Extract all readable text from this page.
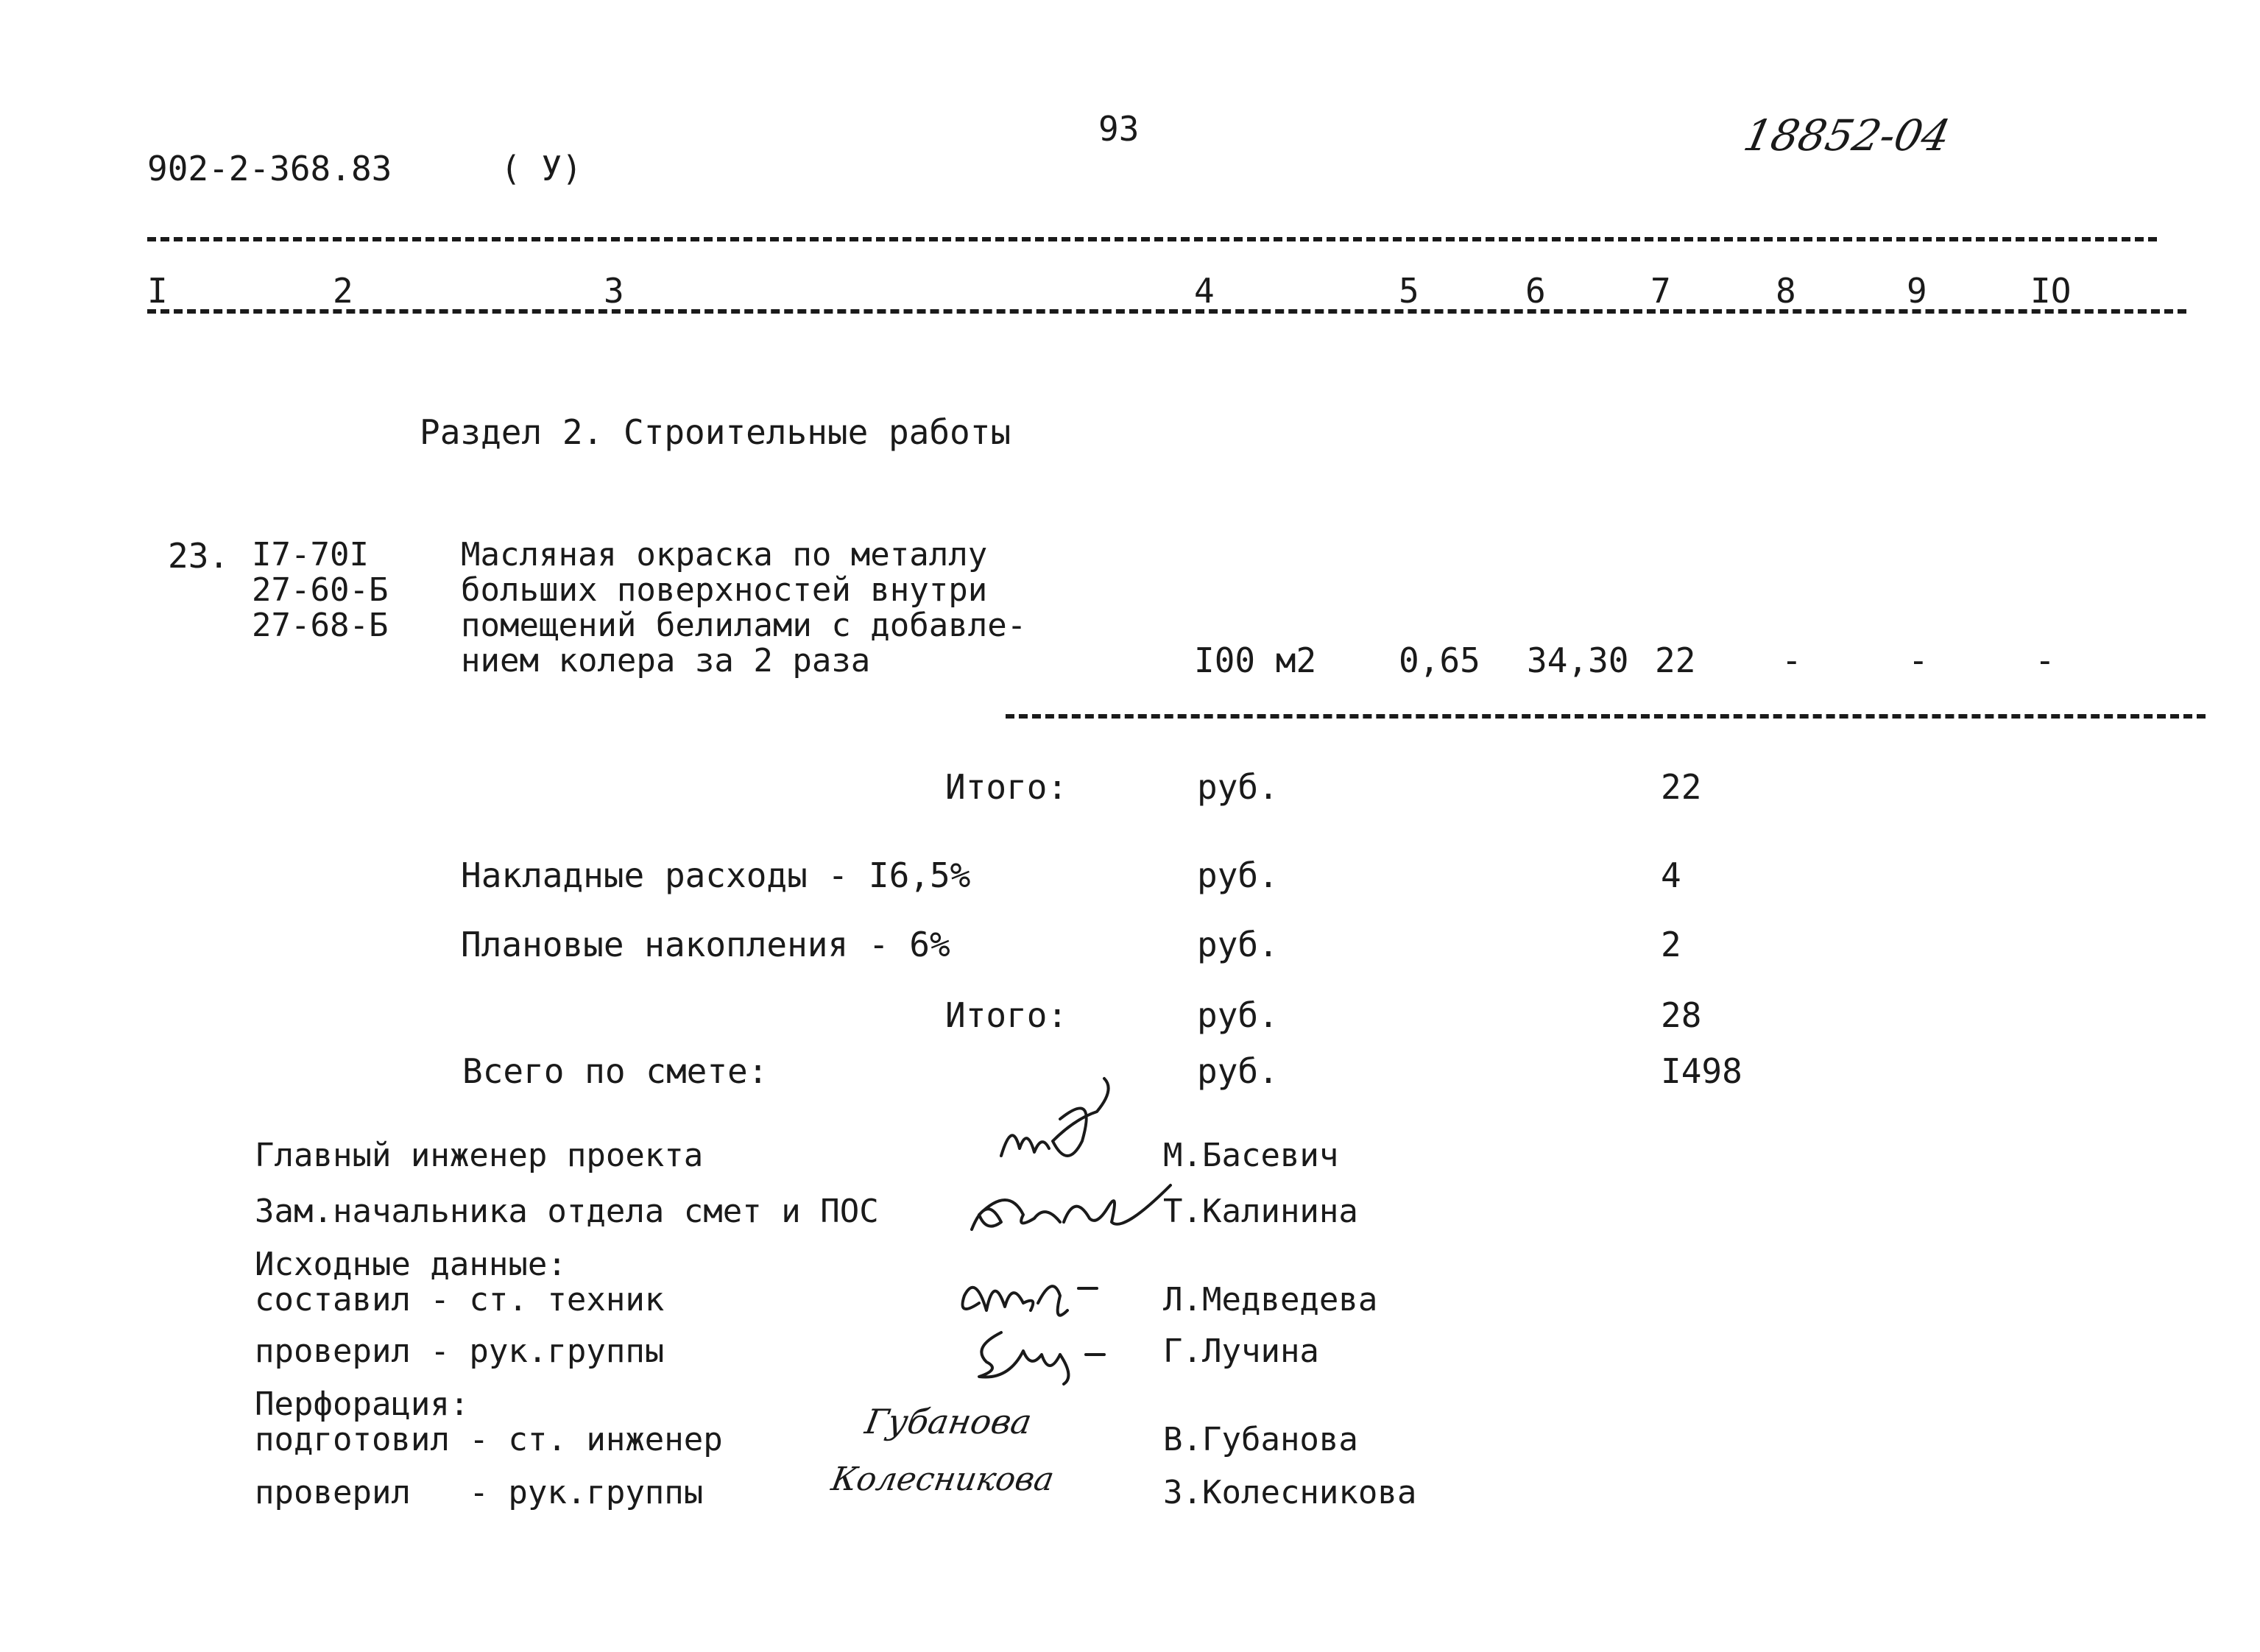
902-2-368.83	( У)
93	18852-04
I	2	3	4	5	6	7	8	9	IO
Раздел 2. Строительные работы
23. I7-70I
27-60-Б
27-68-Б
Масляная окраска по металлу
больших поверхностей внутри
помещений белилами с добавле-
нием колера за 2 раза	I00 м2 0,65 34,30 22	-	-	-
Итого:	руб.	22
Накладные расходы - I6,5%	руб.	4
Плановые накопления - 6%	руб.	2
Итого:	руб.	28
Всего по смете:	руб.	I498
Главный инженер проекта	М.Басевич
Зам.начальника отдела смет и ПОС	Т.Калинина
Исходные данные:
составил - ст. техник	Л.Медведева
проверил - рук.группы	Г.Лучина
Перфорация:
подготовил - ст. инженер	В.Губанова
проверил   - рук.группы	З.Колесникова
Губанова
Колесникова
